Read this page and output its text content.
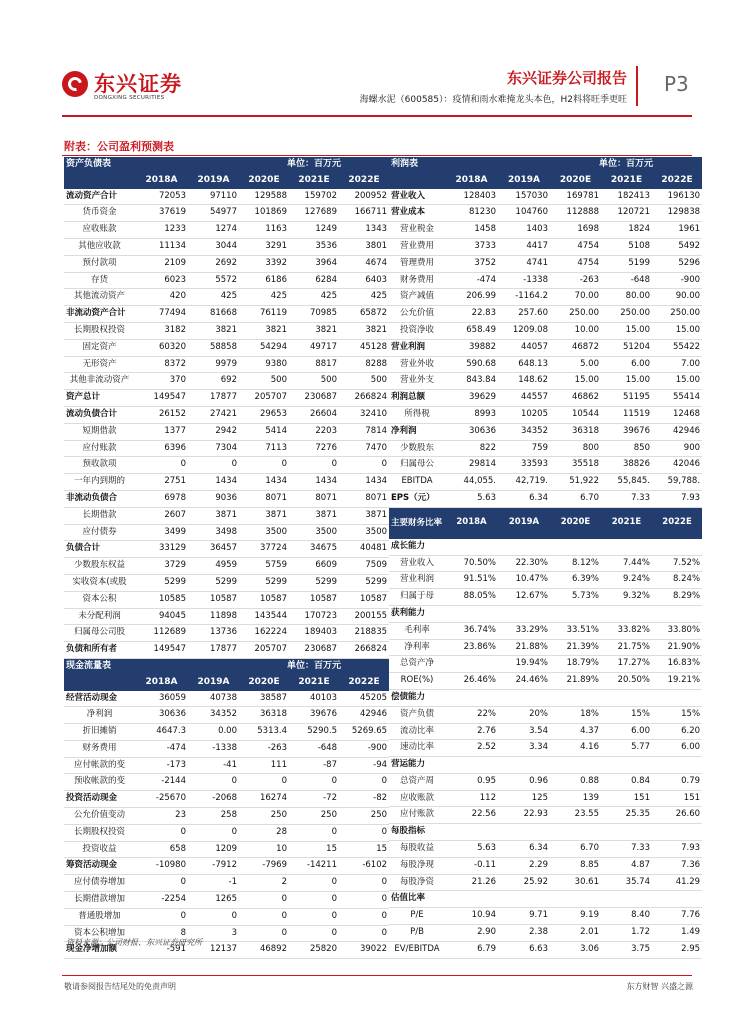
东兴证券
DONGXING SECURITIES
东兴证券公司报告
海螺水泥（600585）：疫情和雨水难掩龙头本色，H2料将旺季更旺
P3
附表：公司盈利预测表
资产负债表			单位：百万元		
	2018A	2019A	2020E	2021E	2022E
流动资产合计	72053	97110	129588	159702	200952
货币资金	37619	54977	101869	127689	166711
应收账款	1233	1274	1163	1249	1343
其他应收款	11134	3044	3291	3536	3801
预付款项	2109	2692	3392	3964	4674
存货	6023	5572	6186	6284	6403
其他流动资产	420	425	425	425	425
非流动资产合计	77494	81668	76119	70985	65872
长期股权投资	3182	3821	3821	3821	3821
固定资产	60320	58858	54294	49717	45128
无形资产	8372	9979	9380	8817	8288
其他非流动资产	370	692	500	500	500
资产总计	149547	17877	205707	230687	266824
流动负债合计	26152	27421	29653	26604	32410
短期借款	1377	2942	5414	2203	7814
应付账款	6396	7304	7113	7276	7470
预收款项	0	0	0	0	0
一年内到期的	2751	1434	1434	1434	1434
非流动负债合	6978	9036	8071	8071	8071
长期借款	2607	3871	3871	3871	3871
应付债券	3499	3498	3500	3500	3500
负债合计	33129	36457	37724	34675	40481
少数股东权益	3729	4959	5759	6609	7509
实收资本(或股	5299	5299	5299	5299	5299
资本公积	10585	10587	10587	10587	10587
未分配利润	94045	11898	143544	170723	200155
归属母公司股	112689	13736	162224	189403	218835
负债和所有者	149547	17877	205707	230687	266824
现金流量表			单位：百万元		
	2018A	2019A	2020E	2021E	2022E
经营活动现金	36059	40738	38587	40103	45205
净利润	30636	34352	36318	39676	42946
折旧摊销	4647.3	0.00	5313.4	5290.5	5269.65
财务费用	-474	-1338	-263	-648	-900
应付帐款的变	-173	-41	111	-87	-94
预收帐款的变	-2144	0	0	0	0
投资活动现金	-25670	-2068	16274	-72	-82
公允价值变动	23	258	250	250	250
长期股权投资	0	0	28	0	0
投资收益	658	1209	10	15	15
筹资活动现金	-10980	-7912	-7969	-14211	-6102
应付债券增加	0	-1	2	0	0
长期借款增加	-2254	1265	0	0	0
普通股增加	0	0	0	0	0
资本公积增加	8	3	0	0	0
现金净增加额	-591	12137	46892	25820	39022
利润表			单位：百万元		
	2018A	2019A	2020E	2021E	2022E
营业收入	128403	157030	169781	182413	196130
营业成本	81230	104760	112888	120721	129838
营业税金	1458	1403	1698	1824	1961
营业费用	3733	4417	4754	5108	5492
管理费用	3752	4741	4754	5199	5296
财务费用	-474	-1338	-263	-648	-900
资产减值	206.99	-1164.2	70.00	80.00	90.00
公允价值	22.83	257.60	250.00	250.00	250.00
投资净收	658.49	1209.08	10.00	15.00	15.00
营业利润	39882	44057	46872	51204	55422
营业外收	590.68	648.13	5.00	6.00	7.00
营业外支	843.84	148.62	15.00	15.00	15.00
利润总额	39629	44557	46862	51195	55414
所得税	8993	10205	10544	11519	12468
净利润	30636	34352	36318	39676	42946
少数股东	822	759	800	850	900
归属母公	29814	33593	35518	38826	42046
EBITDA	44,055.	42,719.	51,922	55,845.	59,788.
EPS（元）	5.63	6.34	6.70	7.33	7.93
主要财务比率	2018A	2019A	2020E	2021E	2022E
成长能力					
营业收入	70.50%	22.30%	8.12%	7.44%	7.52%
营业利润	91.51%	10.47%	6.39%	9.24%	8.24%
归属于母	88.05%	12.67%	5.73%	9.32%	8.29%
获利能力					
毛利率	36.74%	33.29%	33.51%	33.82%	33.80%
净利率	23.86%	21.88%	21.39%	21.75%	21.90%
总资产净		19.94%	18.79%	17.27%	16.83%
ROE(%)	26.46%	24.46%	21.89%	20.50%	19.21%
偿债能力					
资产负债	22%	20%	18%	15%	15%
流动比率	2.76	3.54	4.37	6.00	6.20
速动比率	2.52	3.34	4.16	5.77	6.00
营运能力					
总资产周	0.95	0.96	0.88	0.84	0.79
应收账款	112	125	139	151	151
应付账款	22.56	22.93	23.55	25.35	26.60
每股指标					
每股收益	5.63	6.34	6.70	7.33	7.93
每股净现	-0.11	2.29	8.85	4.87	7.36
每股净资	21.26	25.92	30.61	35.74	41.29
估值比率					
P/E	10.94	9.71	9.19	8.40	7.76
P/B	2.90	2.38	2.01	1.72	1.49
EV/EBITDA	6.79	6.63	3.06	3.75	2.95
资料来源：公司财报、东兴证券研究所
敬请参阅报告结尾处的免责声明	东方财智 兴盛之源
